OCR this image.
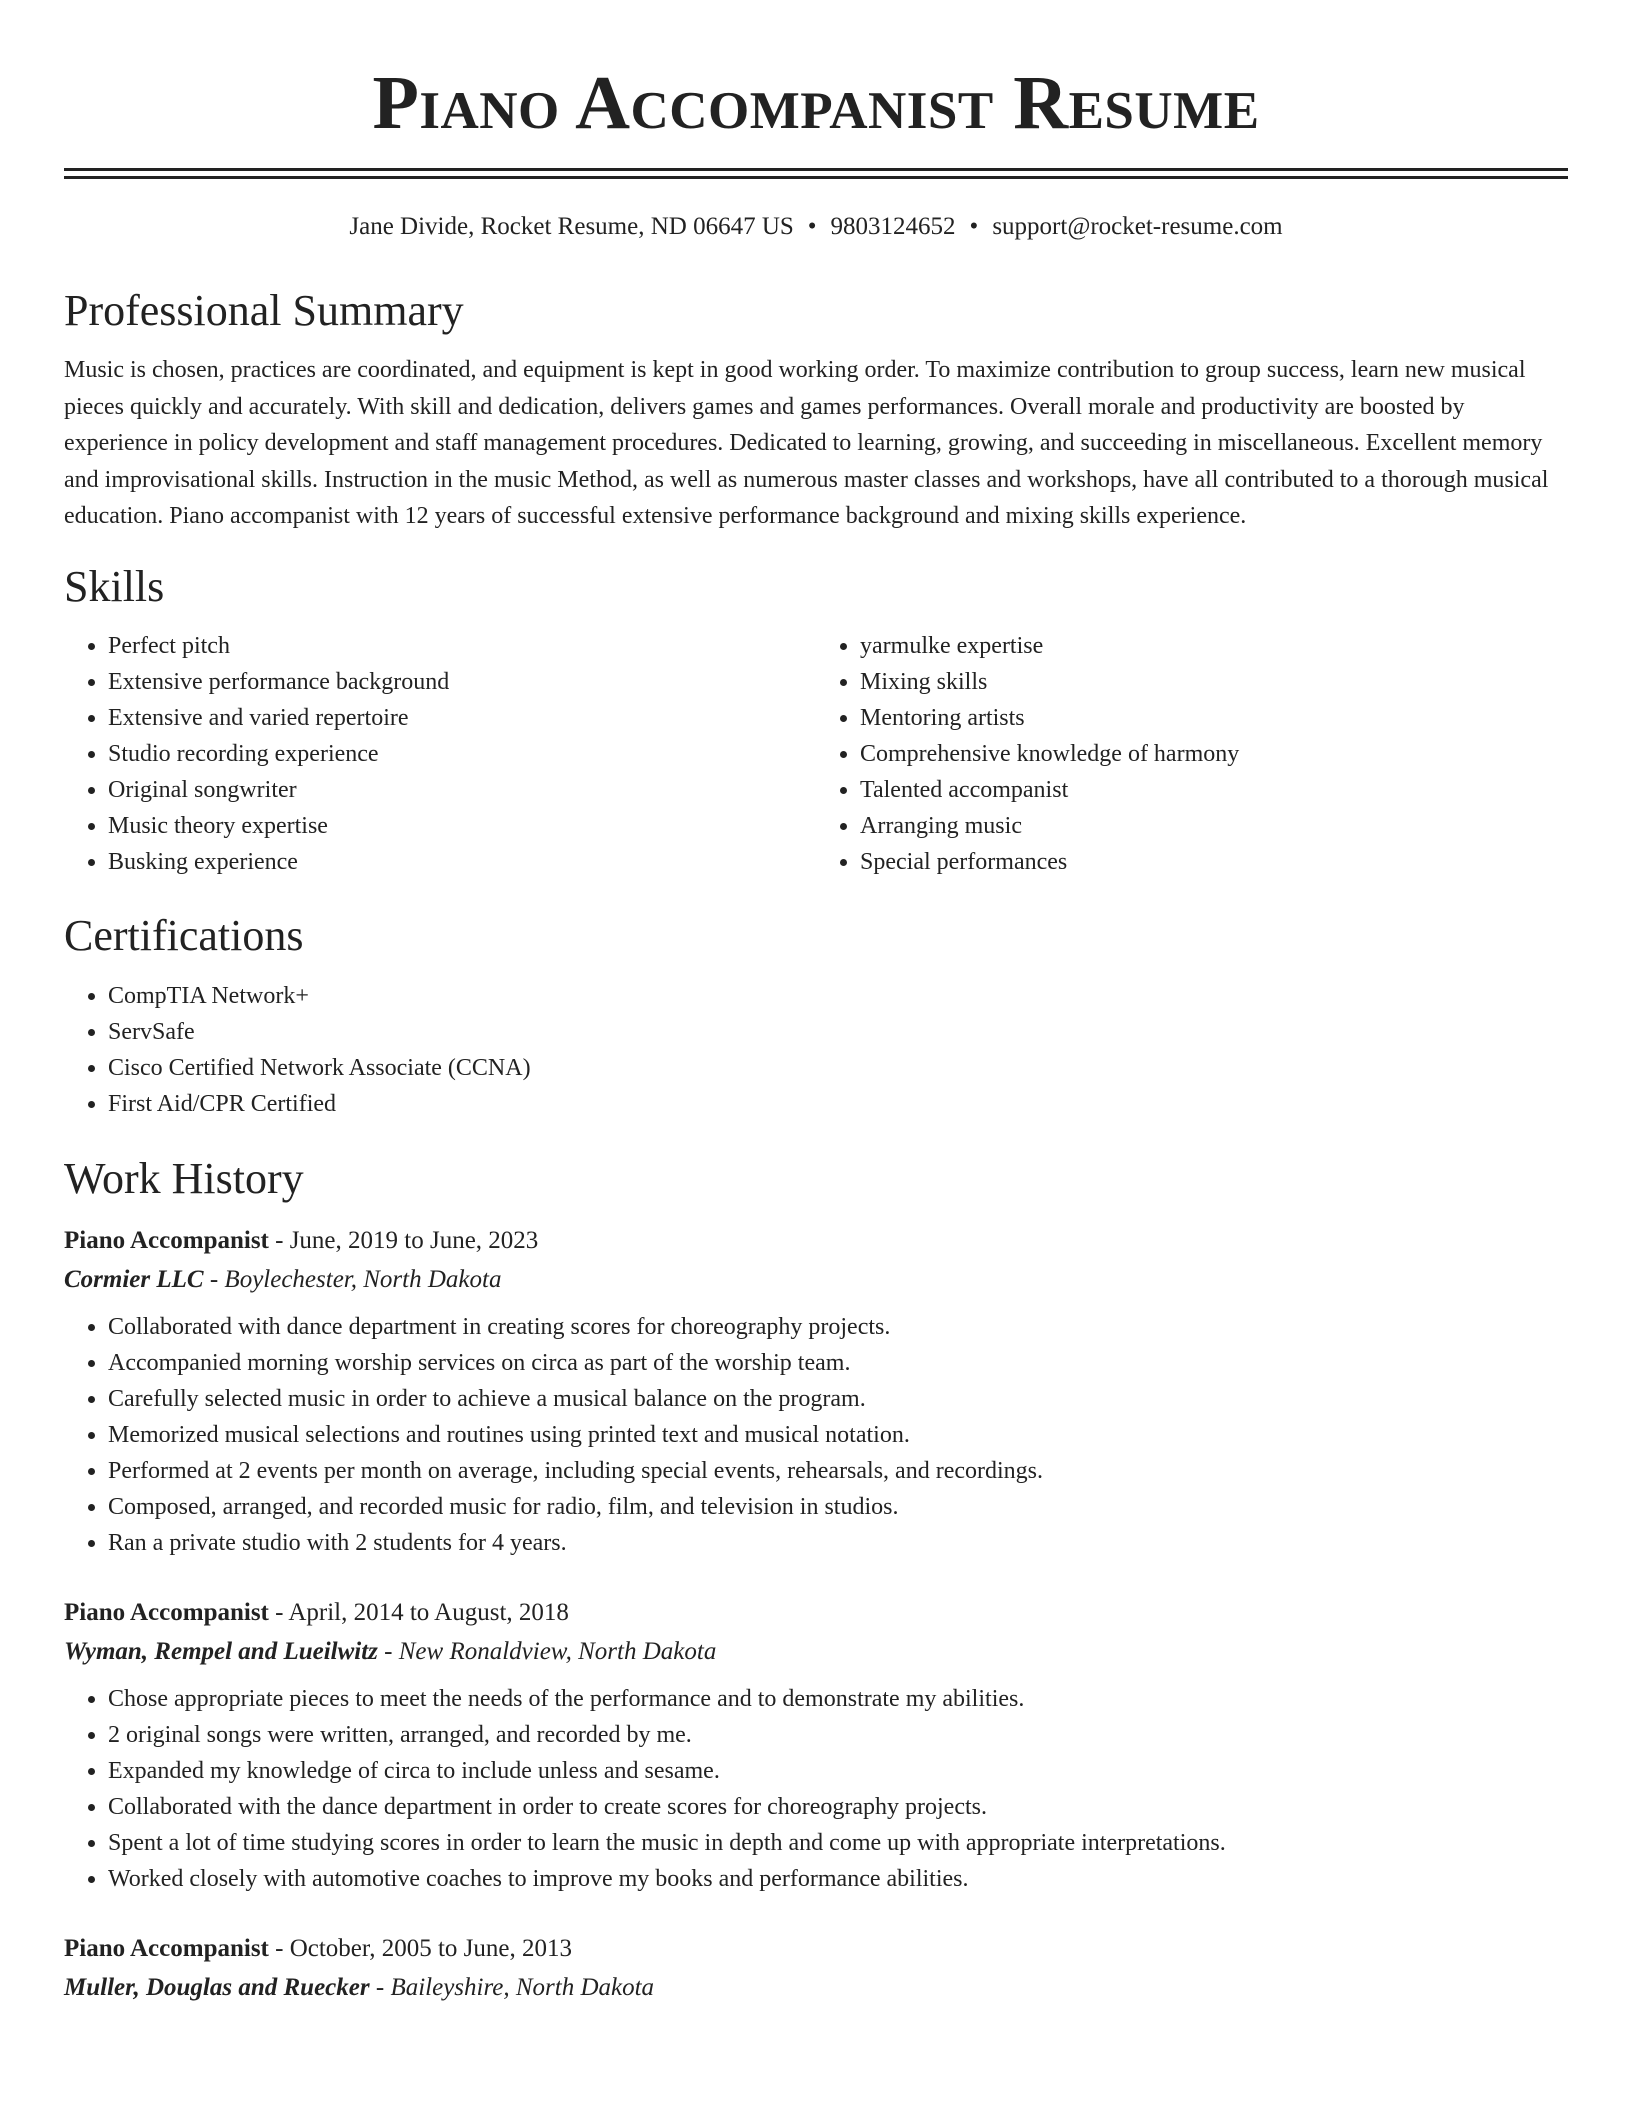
Piano Accompanist Resume
Jane Divide, Rocket Resume, ND 06647 US • 9803124652 • support@rocket-resume.com
Professional Summary

Music is chosen, practices are coordinated, and equipment is kept in good working order. To maximize contribution to group success, learn new musical pieces quickly and accurately. With skill and dedication, delivers games and games performances. Overall morale and productivity are boosted by experience in policy development and staff management procedures. Dedicated to learning, growing, and succeeding in miscellaneous. Excellent memory and improvisational skills. Instruction in the music Method, as well as numerous master classes and workshops, have all contributed to a thorough musical education. Piano accompanist with 12 years of successful extensive performance background and mixing skills experience.

Skills
• Perfect pitch
• Extensive performance background
• Extensive and varied repertoire
• Studio recording experience
• Original songwriter
• Music theory expertise
• Busking experience
• yarmulke expertise
• Mixing skills
• Mentoring artists
• Comprehensive knowledge of harmony
• Talented accompanist
• Arranging music
• Special performances
Certifications
• CompTIA Network+
• ServSafe
• Cisco Certified Network Associate (CCNA)
• First Aid/CPR Certified
Work History
Piano Accompanist - June, 2019 to June, 2023
Cormier LLC - Boylechester, North Dakota
• Collaborated with dance department in creating scores for choreography projects.
• Accompanied morning worship services on circa as part of the worship team.
• Carefully selected music in order to achieve a musical balance on the program.
• Memorized musical selections and routines using printed text and musical notation.
• Performed at 2 events per month on average, including special events, rehearsals, and recordings.
• Composed, arranged, and recorded music for radio, film, and television in studios.
• Ran a private studio with 2 students for 4 years.
Piano Accompanist - April, 2014 to August, 2018
Wyman, Rempel and Lueilwitz - New Ronaldview, North Dakota
• Chose appropriate pieces to meet the needs of the performance and to demonstrate my abilities.
• 2 original songs were written, arranged, and recorded by me.
• Expanded my knowledge of circa to include unless and sesame.
• Collaborated with the dance department in order to create scores for choreography projects.
• Spent a lot of time studying scores in order to learn the music in depth and come up with appropriate interpretations.
• Worked closely with automotive coaches to improve my books and performance abilities.
Piano Accompanist - October, 2005 to June, 2013
Muller, Douglas and Ruecker - Baileyshire, North Dakota
